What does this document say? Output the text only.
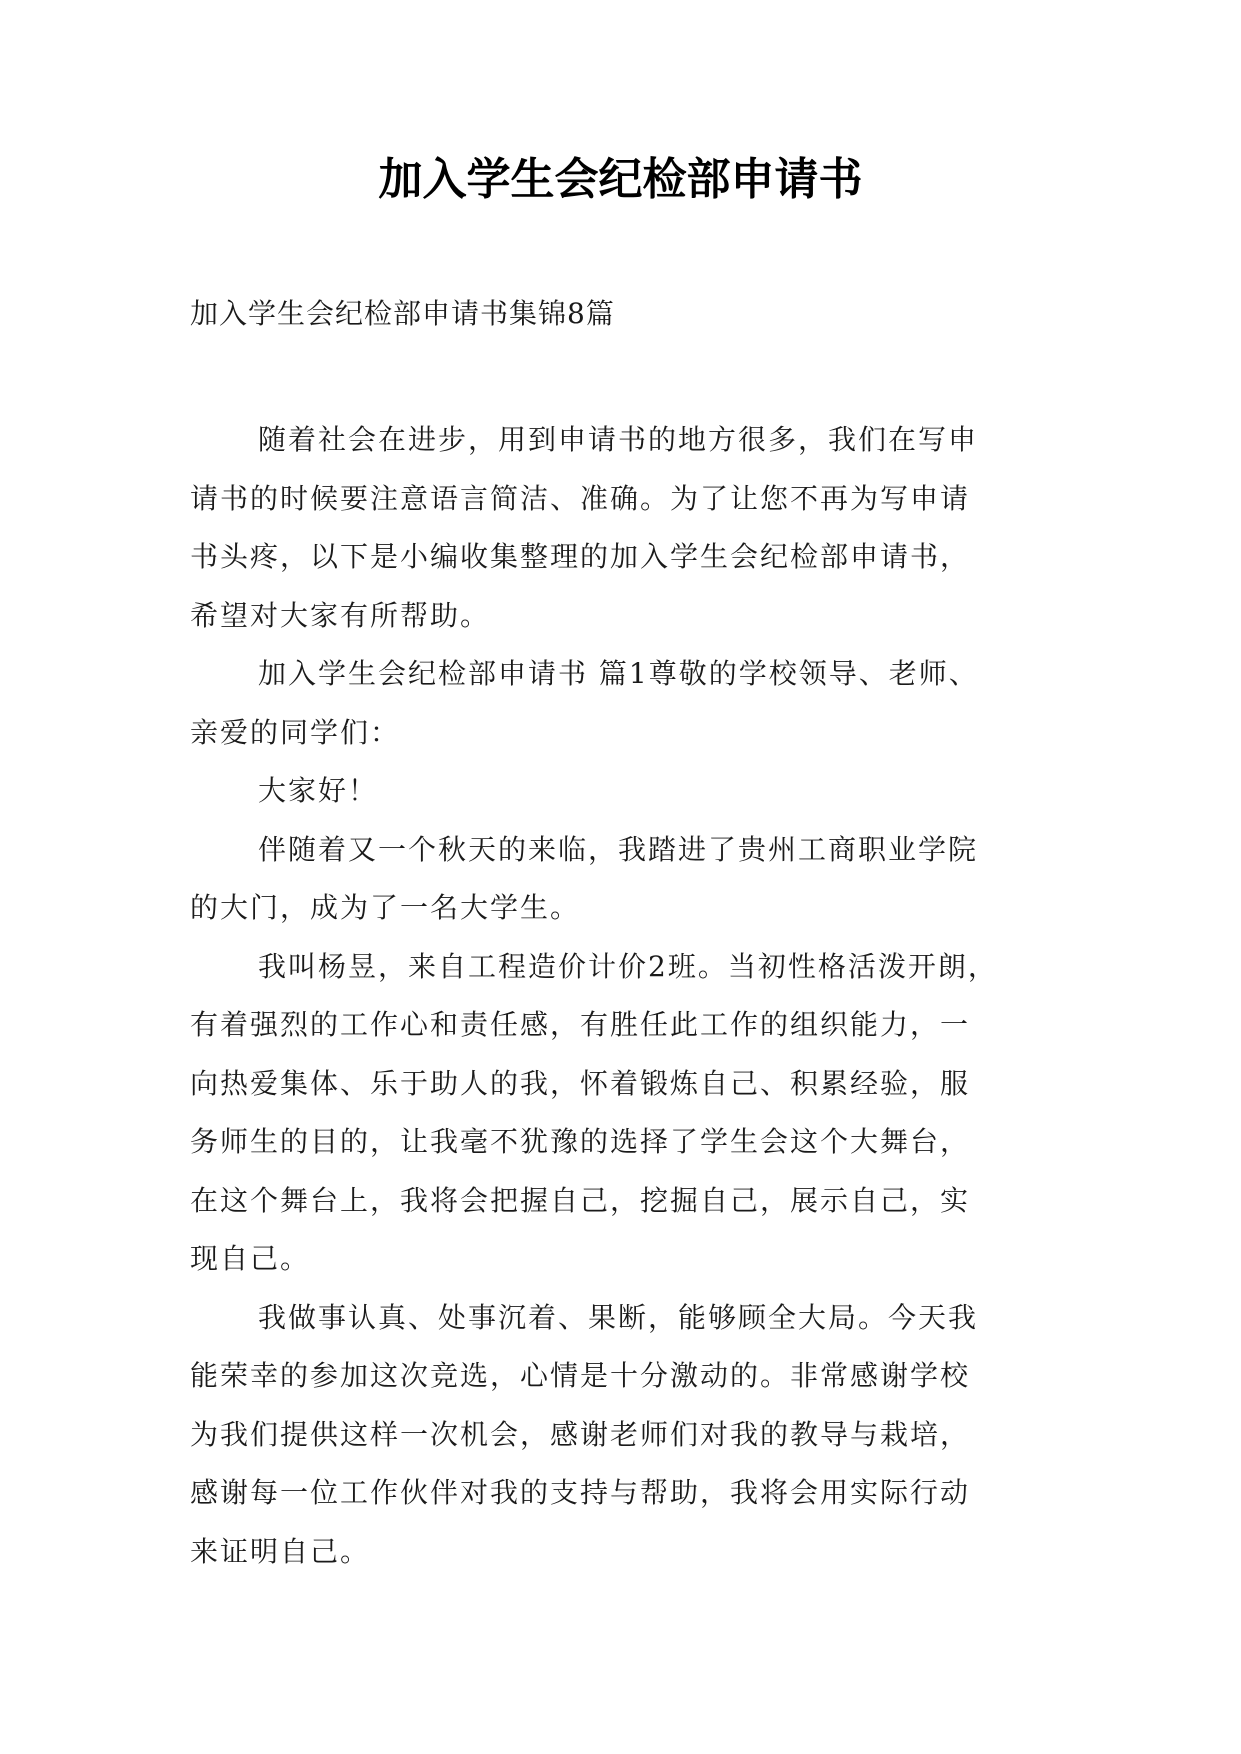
加入学生会纪检部申请书

加入学生会纪检部申请书集锦8篇

随着社会在进步，用到申请书的地方很多，我们在写申

请书的时候要注意语言简洁、准确。为了让您不再为写申请

书头疼，以下是小编收集整理的加入学生会纪检部申请书，

希望对大家有所帮助。

加入学生会纪检部申请书 篇1尊敬的学校领导、老师、

亲爱的同学们：

大家好！

伴随着又一个秋天的来临，我踏进了贵州工商职业学院

的大门，成为了一名大学生。

我叫杨昱，来自工程造价计价2班。当初性格活泼开朗，

有着强烈的工作心和责任感，有胜任此工作的组织能力，一

向热爱集体、乐于助人的我，怀着锻炼自己、积累经验，服

务师生的目的，让我毫不犹豫的选择了学生会这个大舞台，

在这个舞台上，我将会把握自己，挖掘自己，展示自己，实

现自己。

我做事认真、处事沉着、果断，能够顾全大局。今天我

能荣幸的参加这次竞选，心情是十分激动的。非常感谢学校

为我们提供这样一次机会，感谢老师们对我的教导与栽培，

感谢每一位工作伙伴对我的支持与帮助，我将会用实际行动

来证明自己。
